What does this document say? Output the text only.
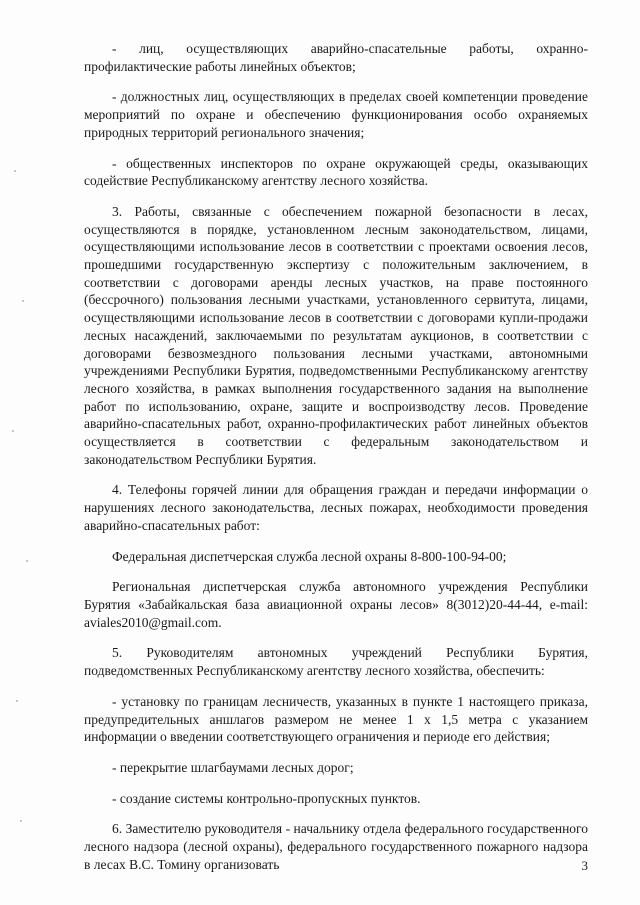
- лиц, осуществляющих аварийно-спасательные работы, охранно-профилактические работы линейных объектов;

- должностных лиц, осуществляющих в пределах своей компетенции проведение мероприятий по охране и обеспечению функционирования особо охраняемых природных территорий регионального значения;

- общественных инспекторов по охране окружающей среды, оказывающих содействие Республиканскому агентству лесного хозяйства.

3. Работы, связанные с обеспечением пожарной безопасности в лесах, осуществляются в порядке, установленном лесным законодательством, лицами, осуществляющими использование лесов в соответствии с проектами освоения лесов, прошедшими государственную экспертизу с положительным заключением, в соответствии с договорами аренды лесных участков, на праве постоянного (бессрочного) пользования лесными участками, установленного сервитута, лицами, осуществляющими использование лесов в соответствии с договорами купли-продажи лесных насаждений, заключаемыми по результатам аукционов, в соответствии с договорами безвозмездного пользования лесными участками, автономными учреждениями Республики Бурятия, подведомственными Республиканскому агентству лесного хозяйства, в рамках выполнения государственного задания на выполнение работ по использованию, охране, защите и воспроизводству лесов. Проведение аварийно-спасательных работ, охранно-профилактических работ линейных объектов осуществляется в соответствии с федеральным законодательством и законодательством Республики Бурятия.

4. Телефоны горячей линии для обращения граждан и передачи информации о нарушениях лесного законодательства, лесных пожарах, необходимости проведения аварийно-спасательных работ:

Федеральная диспетчерская служба лесной охраны 8-800-100-94-00;

Региональная диспетчерская служба автономного учреждения Республики Бурятия «Забайкальская база авиационной охраны лесов» 8(3012)20-44-44, e-mail: aviales2010@gmail.com.

5. Руководителям автономных учреждений Республики Бурятия, подведомственных Республиканскому агентству лесного хозяйства, обеспечить:

- установку по границам лесничеств, указанных в пункте 1 настоящего приказа, предупредительных аншлагов размером не менее 1 х 1,5 метра с указанием информации о введении соответствующего ограничения и периоде его действия;

- перекрытие шлагбаумами лесных дорог;

- создание системы контрольно-пропускных пунктов.

6. Заместителю руководителя - начальнику отдела федерального государственного лесного надзора (лесной охраны), федерального государственного пожарного надзора в лесах В.С. Томину организовать	3
